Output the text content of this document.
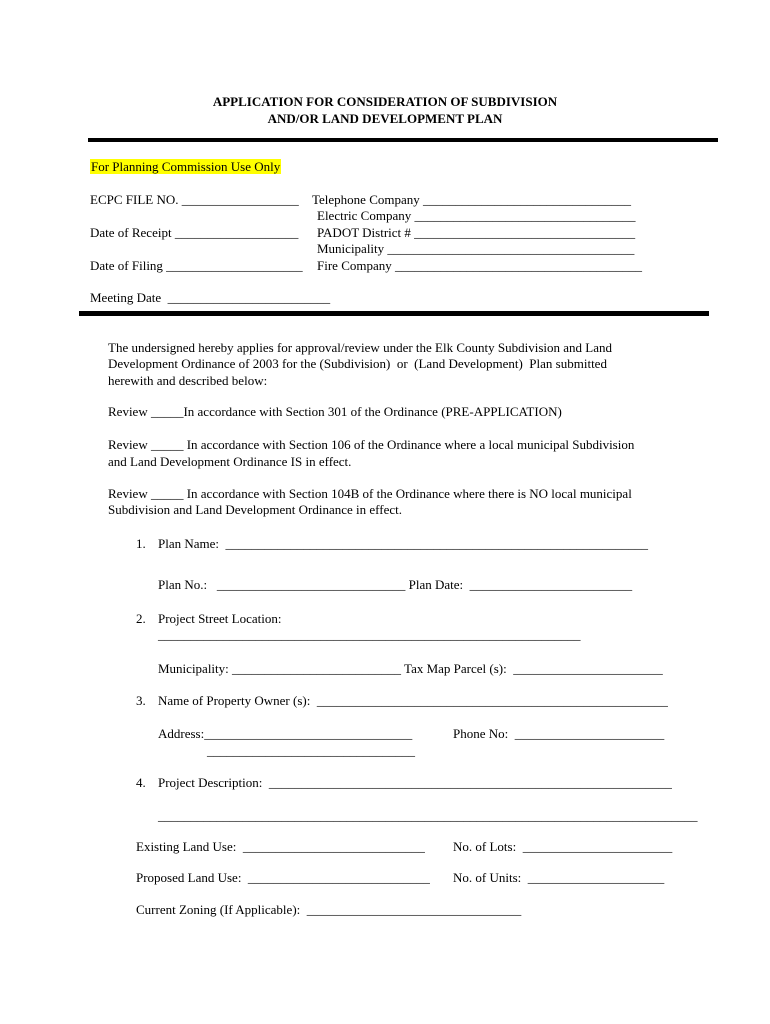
APPLICATION FOR CONSIDERATION OF SUBDIVISION
AND/OR LAND DEVELOPMENT PLAN
For Planning Commission Use Only
ECPC FILE NO. __________________ Telephone Company ________________________________
Electric Company __________________________________
Date of Receipt ___________________ PADOT District # __________________________________
Municipality ______________________________________
Date of Filing _____________________ Fire Company ______________________________________
Meeting Date  _________________________
The undersigned hereby applies for approval/review under the Elk County Subdivision and Land
Development Ordinance of 2003 for the (Subdivision)  or  (Land Development)  Plan submitted
herewith and described below:
Review _____In accordance with Section 301 of the Ordinance (PRE-APPLICATION)
Review _____ In accordance with Section 106 of the Ordinance where a local municipal Subdivision
and Land Development Ordinance IS in effect.
Review _____ In accordance with Section 104B of the Ordinance where there is NO local municipal
Subdivision and Land Development Ordinance in effect.
1. Plan Name:  _________________________________________________________________
Plan No.:   _____________________________ Plan Date:  _________________________
2. Project Street Location:
_________________________________________________________________
Municipality: __________________________ Tax Map Parcel (s):  _______________________
3. Name of Property Owner (s):  ______________________________________________________
Address:________________________________	Phone No:  _______________________
________________________________
4. Project Description:  ______________________________________________________________
___________________________________________________________________________________
Existing Land Use:  ____________________________ No. of Lots:  _______________________
Proposed Land Use:  ____________________________ No. of Units:  _____________________
Current Zoning (If Applicable):  _________________________________
